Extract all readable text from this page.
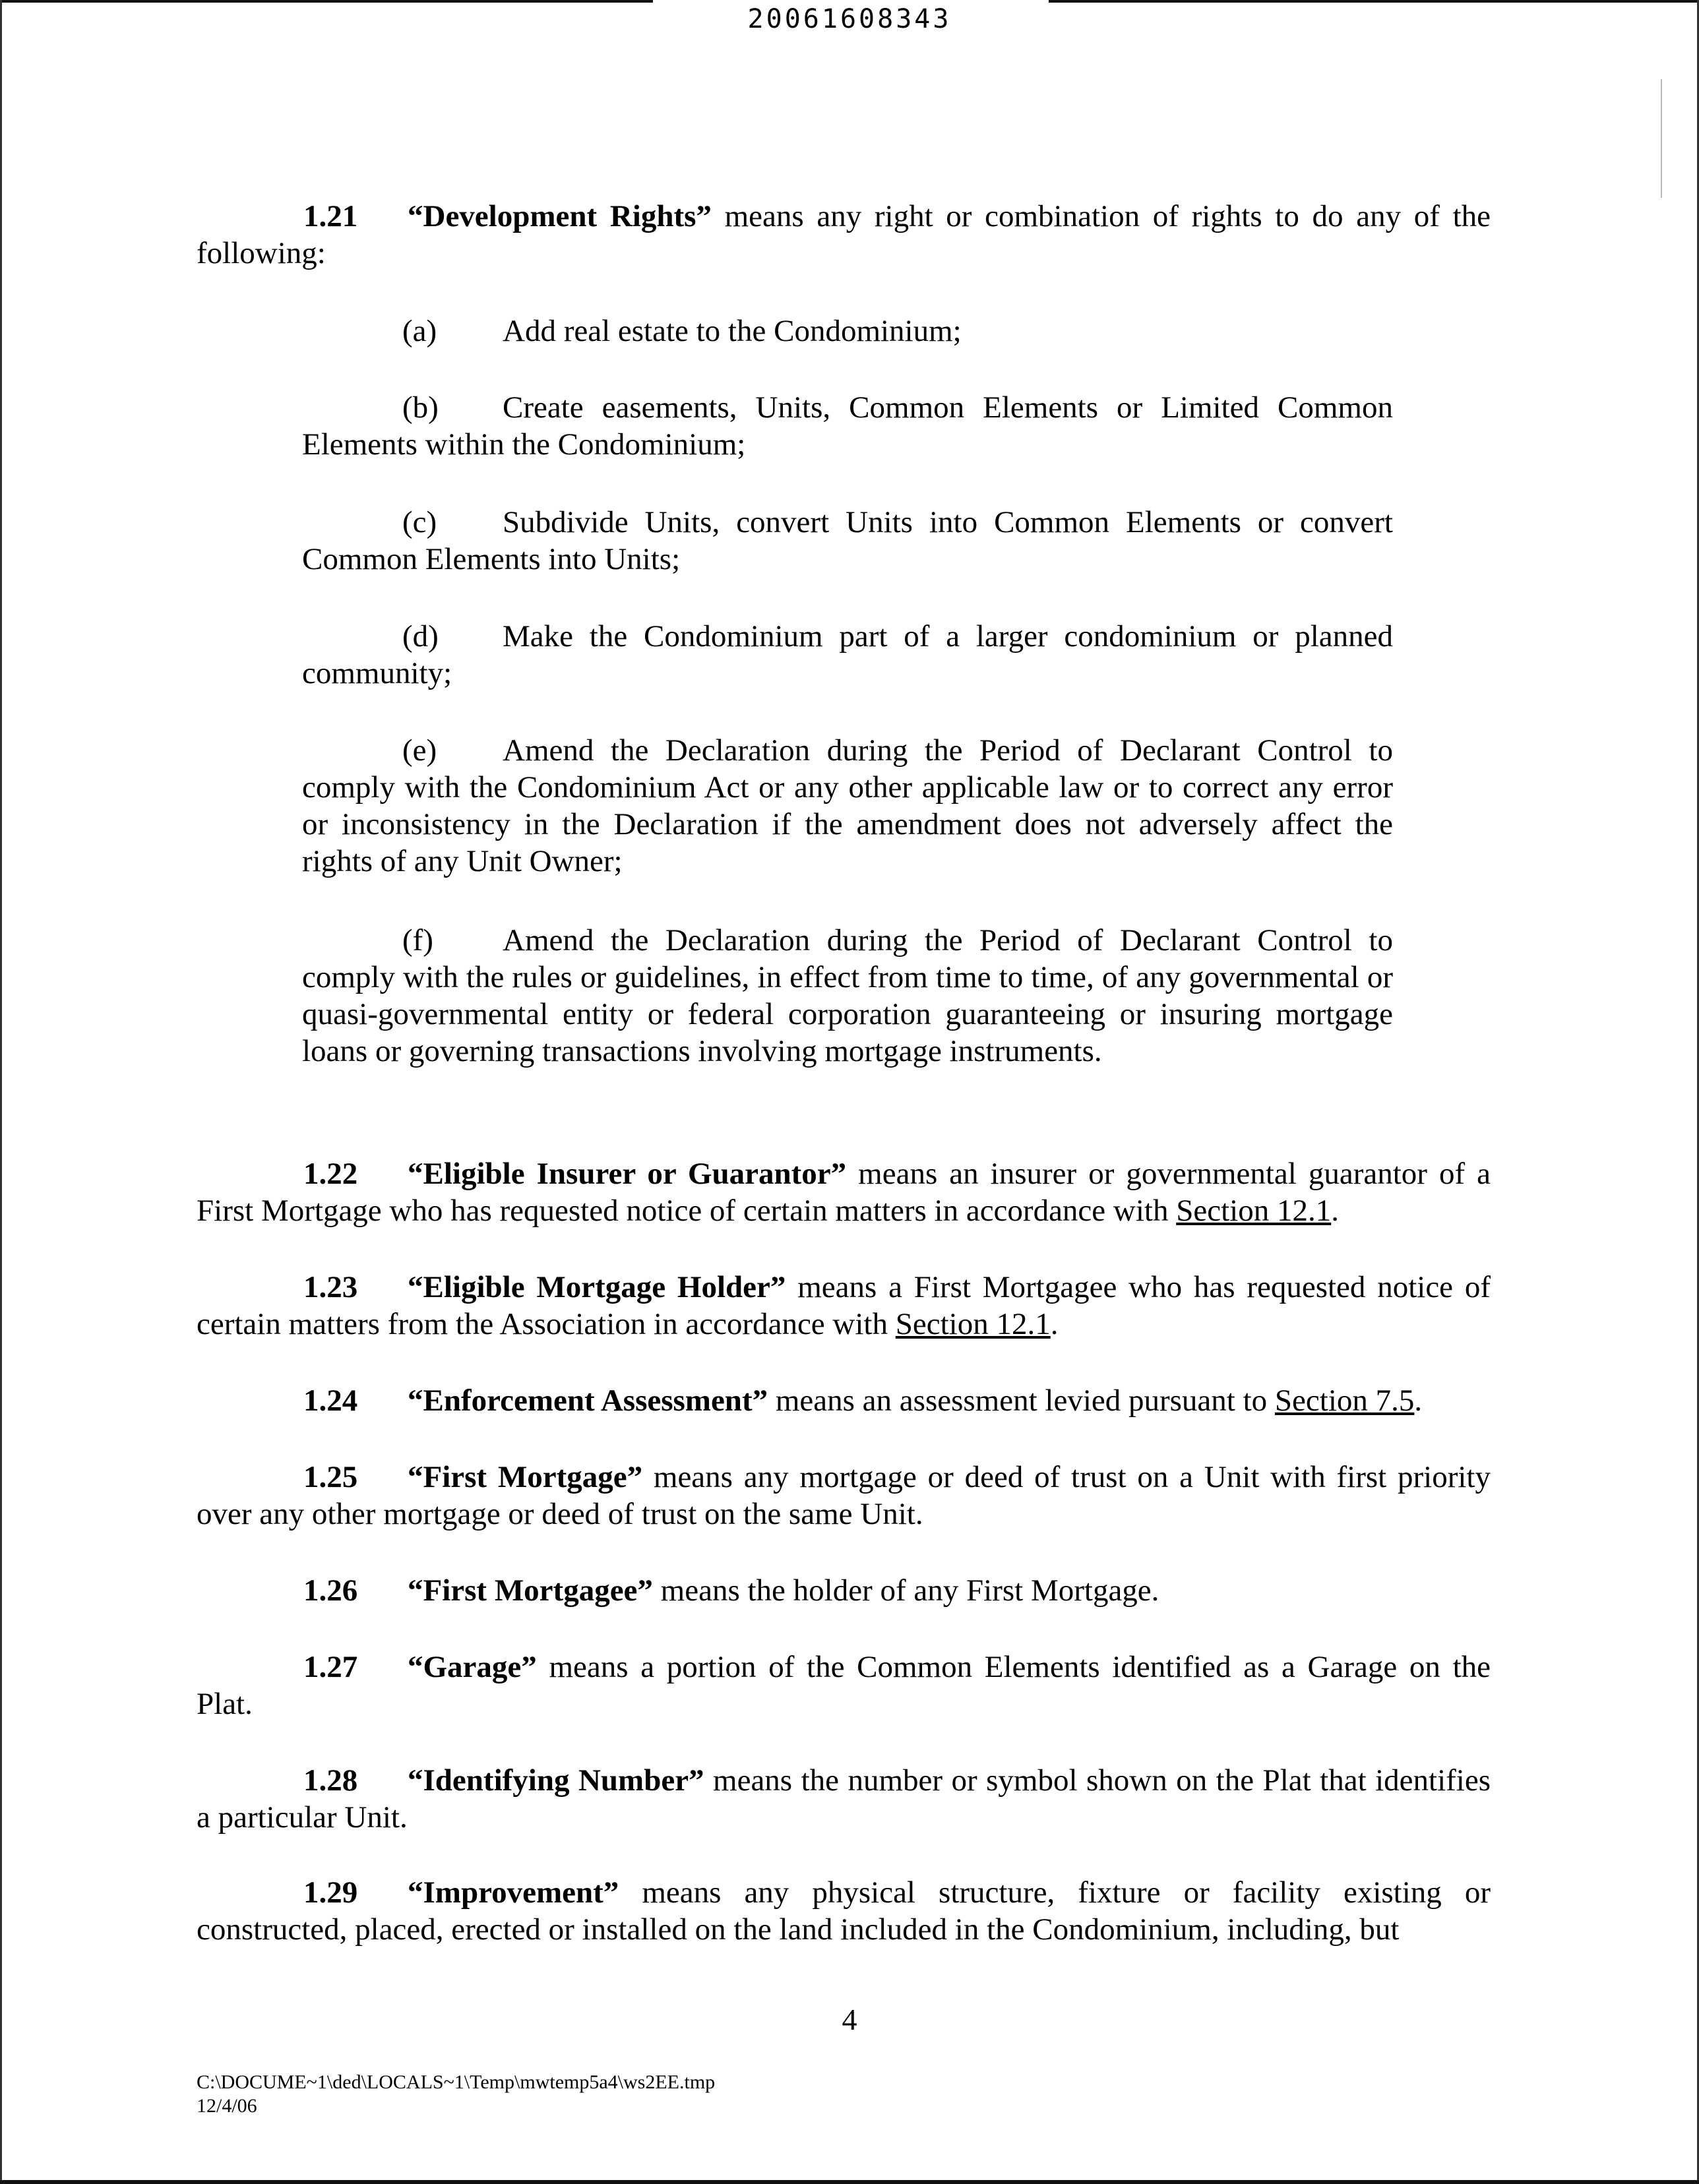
20061608343
1.21 “Development Rights” means any right or combination of rights to do any of the following:
(a) Add real estate to the Condominium;
(b) Create easements, Units, Common Elements or Limited Common Elements within the Condominium;
(c) Subdivide Units, convert Units into Common Elements or convert Common Elements into Units;
(d) Make the Condominium part of a larger condominium or planned community;
(e) Amend the Declaration during the Period of Declarant Control to comply with the Condominium Act or any other applicable law or to correct any error or inconsistency in the Declaration if the amendment does not adversely affect the rights of any Unit Owner;
(f) Amend the Declaration during the Period of Declarant Control to comply with the rules or guidelines, in effect from time to time, of any governmental or quasi-governmental entity or federal corporation guaranteeing or insuring mortgage loans or governing transactions involving mortgage instruments.
1.22 “Eligible Insurer or Guarantor” means an insurer or governmental guarantor of a First Mortgage who has requested notice of certain matters in accordance with Section 12.1.
1.23 “Eligible Mortgage Holder” means a First Mortgagee who has requested notice of certain matters from the Association in accordance with Section 12.1.
1.24 “Enforcement Assessment” means an assessment levied pursuant to Section 7.5.
1.25 “First Mortgage” means any mortgage or deed of trust on a Unit with first priority over any other mortgage or deed of trust on the same Unit.
1.26 “First Mortgagee” means the holder of any First Mortgage.
1.27 “Garage” means a portion of the Common Elements identified as a Garage on the Plat.
1.28 “Identifying Number” means the number or symbol shown on the Plat that identifies a particular Unit.
1.29 “Improvement” means any physical structure, fixture or facility existing or constructed, placed, erected or installed on the land included in the Condominium, including, but
4
C:\DOCUME~1\ded\LOCALS~1\Temp\mwtemp5a4\ws2EE.tmp
12/4/06
